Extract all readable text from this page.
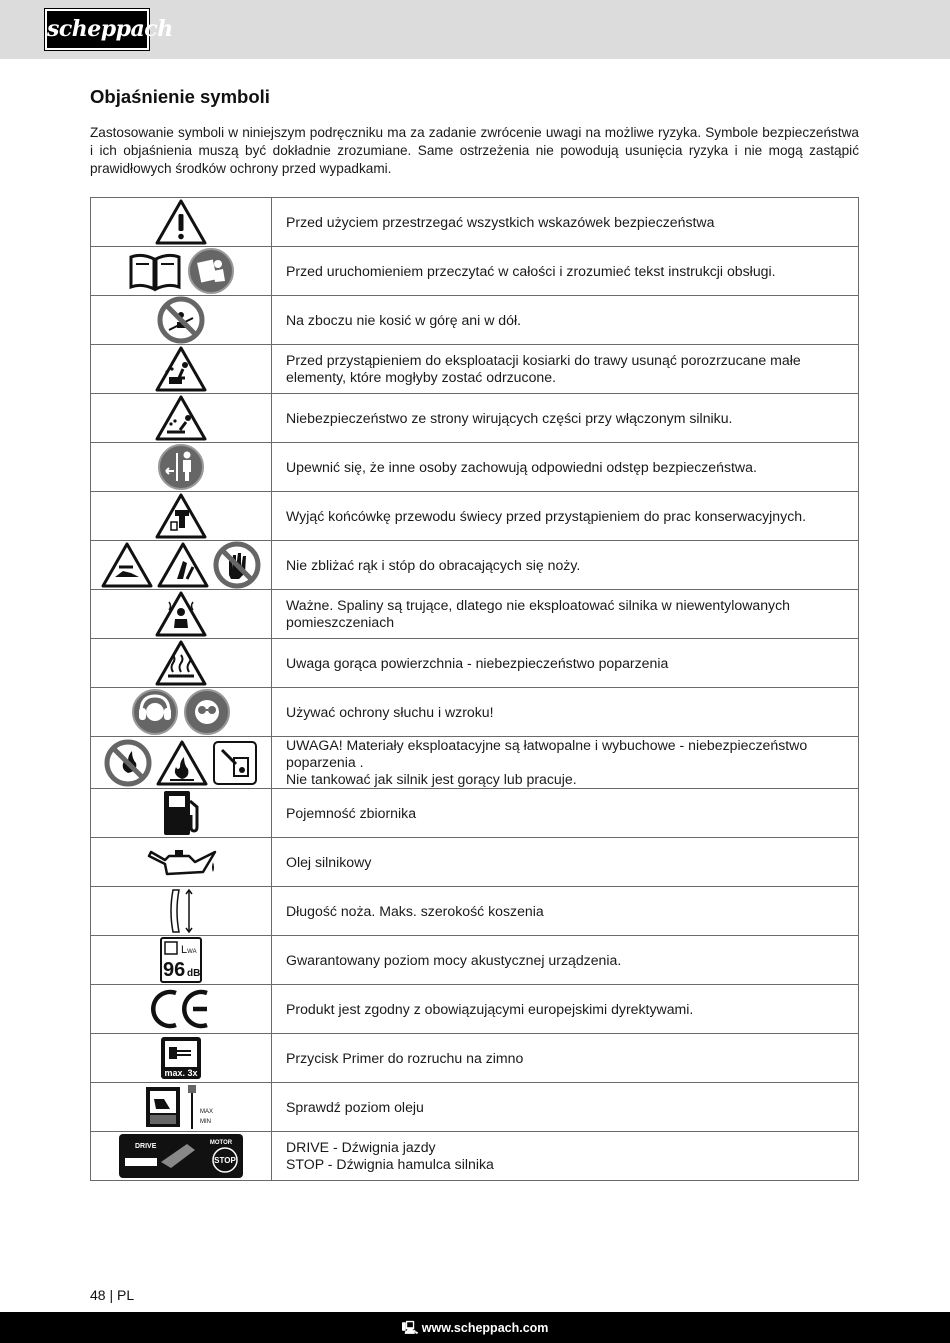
scheppach
Objaśnienie symboli

Zastosowanie symboli w niniejszym podręczniku ma za zadanie zwrócenie uwagi na możliwe ryzyka. Symbole bezpieczeństwa i ich objaśnienia muszą być dokładnie zrozumiane. Same ostrzeżenia nie powodują usunięcia ryzyka i nie mogą zastąpić prawidłowych środków ochrony przed wypadkami.

	Przed użyciem przestrzegać wszystkich wskazówek bezpieczeństwa

	Przed uruchomieniem przeczytać w całości i zrozumieć tekst instrukcji obsługi.

	Na zboczu nie kosić w górę ani w dół.

	Przed przystąpieniem do eksploatacji kosiarki do trawy usunąć porozrzucane małe elementy, które mogłyby zostać odrzucone.

	Niebezpieczeństwo ze strony wirujących części przy włączonym silniku.

	Upewnić się, że inne osoby zachowują odpowiedni odstęp bezpieczeństwa.

	Wyjąć końcówkę przewodu świecy przed przystąpieniem do prac konserwacyjnych.

	Nie zbliżać rąk i stóp do obracających się noży.

	Ważne. Spaliny są trujące, dlatego nie eksploatować silnika w niewentylowanych pomieszczeniach

	Uwaga gorąca powierzchnia - niebezpieczeństwo poparzenia

	Używać ochrony słuchu i wzroku!

	UWAGA! Materiały eksploatacyjne są łatwopalne i wybuchowe - niebezpieczeństwo poparzenia .
Nie tankować jak silnik jest gorący lub pracuje.

	Pojemność zbiornika

	Olej silnikowy

	Długość noża. Maks. szerokość koszenia

LWA
96 dB	Gwarantowany poziom mocy akustycznej urządzenia.

	Produkt jest zgodny z obowiązującymi europejskimi dyrektywami.

max. 3x	Przycisk Primer do rozruchu na zimno

MAX
MIN	Sprawdź poziom oleju

DRIVE MOTOR
STOP	DRIVE - Dźwignia jazdy
STOP - Dźwignia hamulca silnika
48 | PL
🖳 www.scheppach.com
